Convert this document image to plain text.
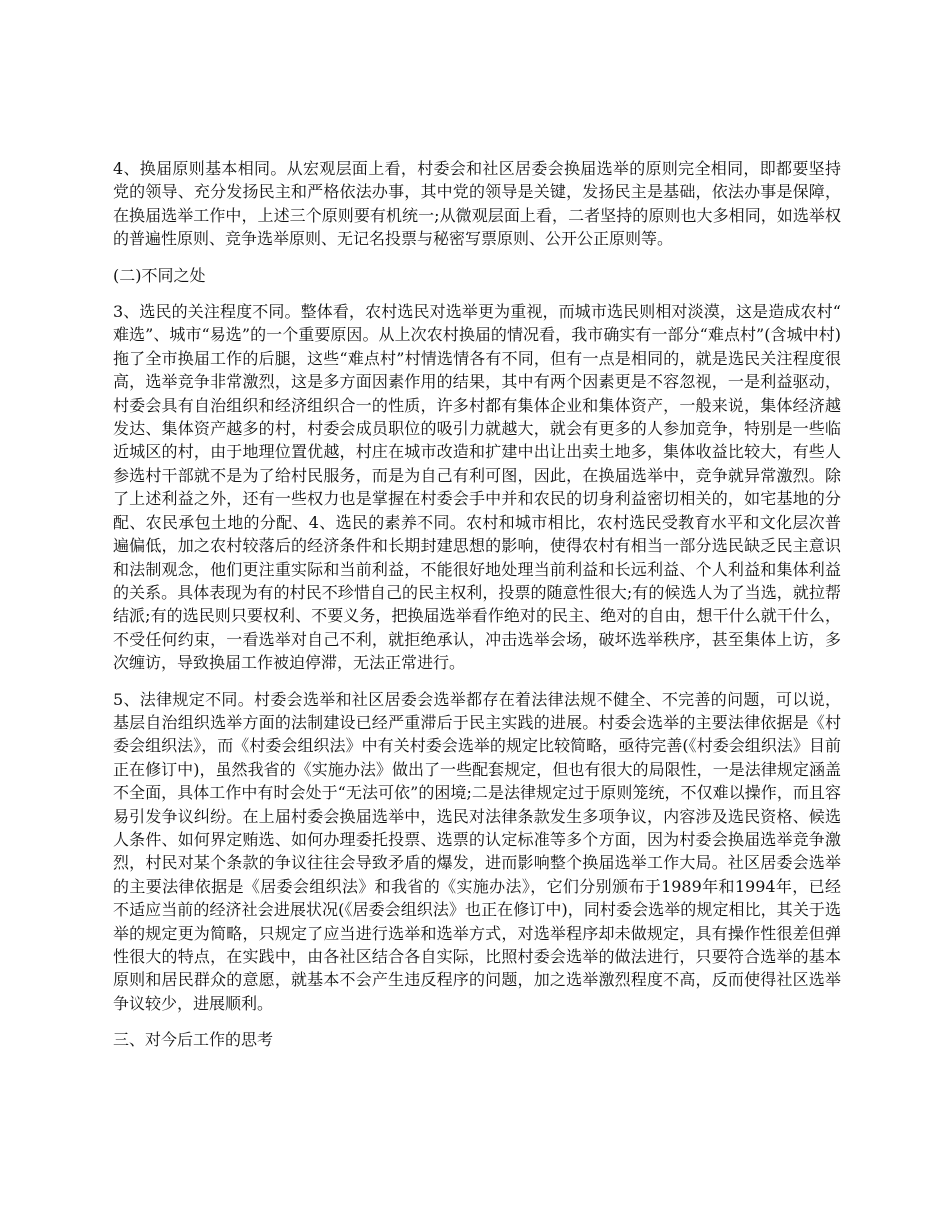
4、换届原则基本相同。从宏观层面上看，村委会和社区居委会换届选举的原则完全相同，即都要坚持党的领导、充分发扬民主和严格依法办事，其中党的领导是关键，发扬民主是基础，依法办事是保障，在换届选举工作中，上述三个原则要有机统一;从微观层面上看，二者坚持的原则也大多相同，如选举权的普遍性原则、竞争选举原则、无记名投票与秘密写票原则、公开公正原则等。

(二)不同之处

3、选民的关注程度不同。整体看，农村选民对选举更为重视，而城市选民则相对淡漠，这是造成农村“难选”、城市“易选”的一个重要原因。从上次农村换届的情况看，我市确实有一部分“难点村”(含城中村)拖了全市换届工作的后腿，这些“难点村”村情选情各有不同，但有一点是相同的，就是选民关注程度很高，选举竞争非常激烈，这是多方面因素作用的结果，其中有两个因素更是不容忽视，一是利益驱动，村委会具有自治组织和经济组织合一的性质，许多村都有集体企业和集体资产，一般来说，集体经济越发达、集体资产越多的村，村委会成员职位的吸引力就越大，就会有更多的人参加竞争，特别是一些临近城区的村，由于地理位置优越，村庄在城市改造和扩建中出让出卖土地多，集体收益比较大，有些人参选村干部就不是为了给村民服务，而是为自己有利可图，因此，在换届选举中，竞争就异常激烈。除了上述利益之外，还有一些权力也是掌握在村委会手中并和农民的切身利益密切相关的，如宅基地的分配、农民承包土地的分配、4、选民的素养不同。农村和城市相比，农村选民受教育水平和文化层次普遍偏低，加之农村较落后的经济条件和长期封建思想的影响，使得农村有相当一部分选民缺乏民主意识和法制观念，他们更注重实际和当前利益，不能很好地处理当前利益和长远利益、个人利益和集体利益的关系。具体表现为有的村民不珍惜自己的民主权利，投票的随意性很大;有的候选人为了当选，就拉帮结派;有的选民则只要权利、不要义务，把换届选举看作绝对的民主、绝对的自由，想干什么就干什么，不受任何约束，一看选举对自己不利，就拒绝承认，冲击选举会场，破坏选举秩序，甚至集体上访，多次缠访，导致换届工作被迫停滞，无法正常进行。

5、法律规定不同。村委会选举和社区居委会选举都存在着法律法规不健全、不完善的问题，可以说，基层自治组织选举方面的法制建设已经严重滞后于民主实践的进展。村委会选举的主要法律依据是《村委会组织法》，而《村委会组织法》中有关村委会选举的规定比较简略，亟待完善(《村委会组织法》目前正在修订中)，虽然我省的《实施办法》做出了一些配套规定，但也有很大的局限性，一是法律规定涵盖不全面，具体工作中有时会处于“无法可依”的困境;二是法律规定过于原则笼统，不仅难以操作，而且容易引发争议纠纷。在上届村委会换届选举中，选民对法律条款发生多项争议，内容涉及选民资格、候选人条件、如何界定贿选、如何办理委托投票、选票的认定标准等多个方面，因为村委会换届选举竞争激烈，村民对某个条款的争议往往会导致矛盾的爆发，进而影响整个换届选举工作大局。社区居委会选举的主要法律依据是《居委会组织法》和我省的《实施办法》，它们分别颁布于1989年和1994年，已经不适应当前的经济社会进展状况(《居委会组织法》也正在修订中)，同村委会选举的规定相比，其关于选举的规定更为简略，只规定了应当进行选举和选举方式，对选举程序却未做规定，具有操作性很差但弹性很大的特点，在实践中，由各社区结合各自实际，比照村委会选举的做法进行，只要符合选举的基本原则和居民群众的意愿，就基本不会产生违反程序的问题，加之选举激烈程度不高，反而使得社区选举争议较少，进展顺利。

三、对今后工作的思考
